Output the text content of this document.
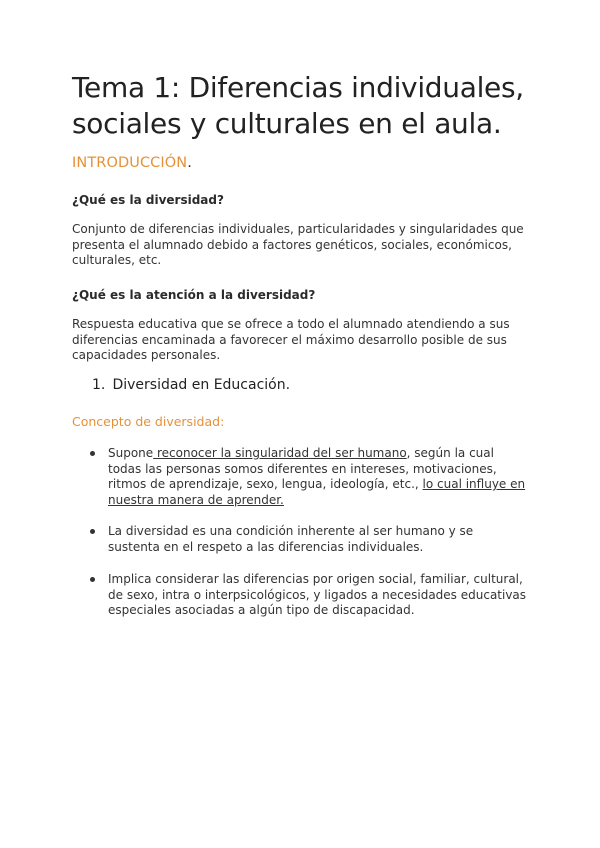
Tema 1: Diferencias individuales, sociales y culturales en el aula.
INTRODUCCIÓN.
¿Qué es la diversidad?
Conjunto de diferencias individuales, particularidades y singularidades que presenta el alumnado debido a factores genéticos, sociales, económicos, culturales, etc.
¿Qué es la atención a la diversidad?
Respuesta educativa que se ofrece a todo el alumnado atendiendo a sus diferencias encaminada a favorecer el máximo desarrollo posible de sus capacidades personales.
1. Diversidad en Educación.
Concepto de diversidad:
Supone reconocer la singularidad del ser humano, según la cual todas las personas somos diferentes en intereses, motivaciones, ritmos de aprendizaje, sexo, lengua, ideología, etc., lo cual influye en nuestra manera de aprender.
La diversidad es una condición inherente al ser humano y se sustenta en el respeto a las diferencias individuales.
Implica considerar las diferencias por origen social, familiar, cultural, de sexo, intra o interpsicológicos, y ligados a necesidades educativas especiales asociadas a algún tipo de discapacidad.
